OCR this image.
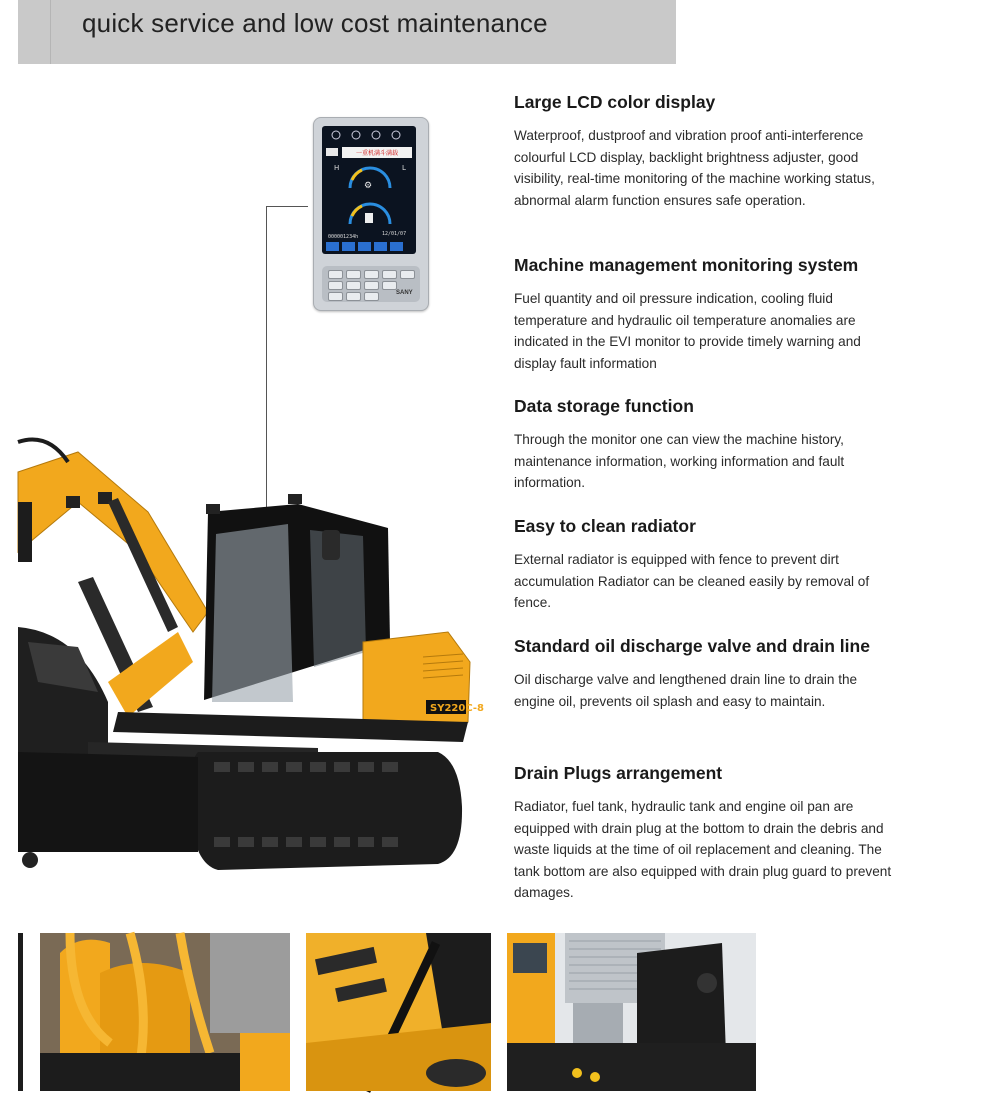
quick service and low cost maintenance
一重机满斗满载
H	L
⚙
000001234h	12/01/07
SANY
SY220C-8
Large LCD color display

Waterproof, dustproof and vibration proof anti-interference colourful LCD display, backlight brightness adjuster, good visibility, real-time monitoring of the machine working status, abnormal alarm function ensures safe operation.

Machine management monitoring system

Fuel quantity and oil pressure indication, cooling fluid temperature and hydraulic oil temperature anomalies are indicated in the EVI monitor to provide timely warning and display fault information

Data storage function

Through the monitor one can view the machine history, maintenance information, working information and fault information.

Easy to clean radiator

External radiator is equipped with fence to prevent dirt accumulation Radiator can be cleaned easily by removal of fence.

Standard oil discharge valve and drain line

Oil discharge valve and lengthened drain line to drain the engine oil, prevents oil splash and easy to maintain.

Drain Plugs arrangement

Radiator, fuel tank, hydraulic tank and engine oil pan are equipped with drain plug at the bottom to drain the debris and waste liquids at the time of oil replacement and cleaning. The tank bottom are also equipped with drain plug guard to prevent damages.
